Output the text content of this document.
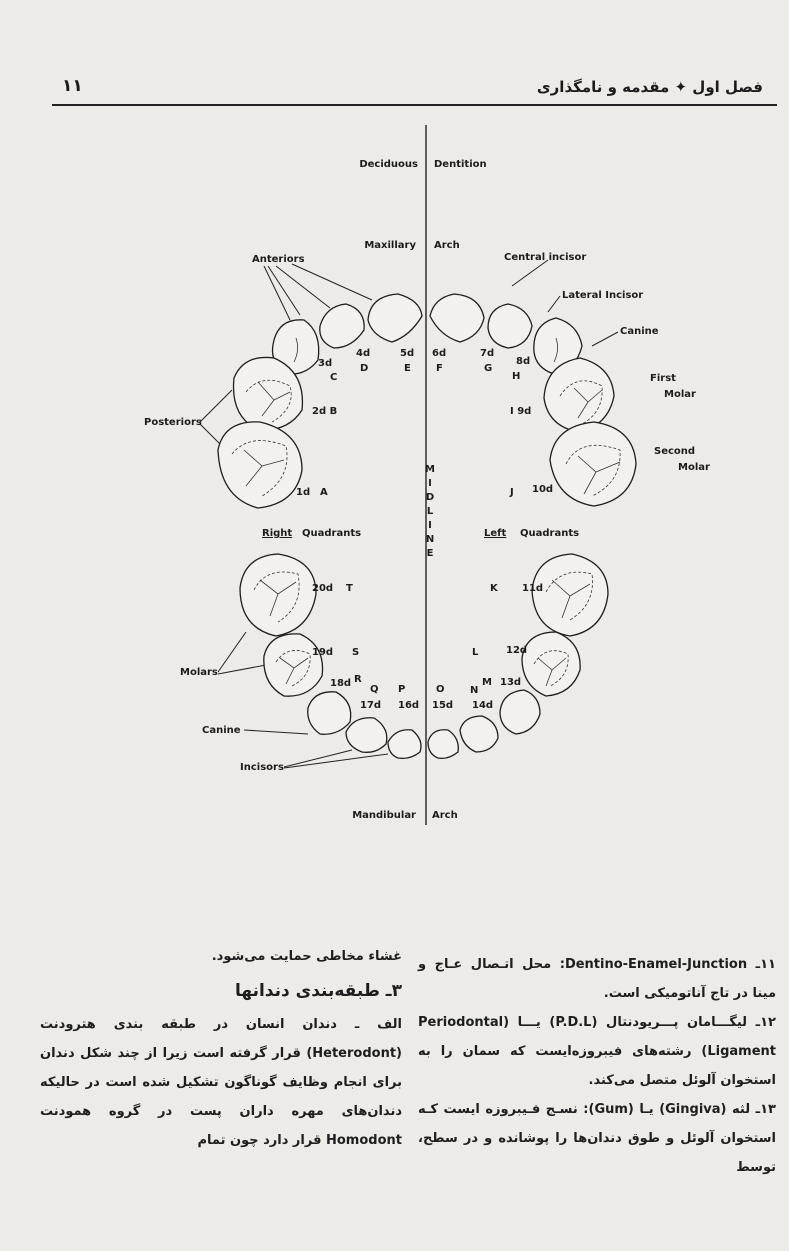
۱۱	فصل اول ✦ مقدمه و نامگذاری
Deciduous Dentition
Maxillary Arch
Mandibular Arch
M
I
D
L
I
N
E
Right Quadrants	Left Quadrants
Anteriors
Posteriors
Central incisor
Lateral Incisor
Canine
First
Molar
Second
Molar
Molars
Canine
Incisors
3d
C
4d
D
5d
E
2d B
1d A
6d
F
7d
G
8d
H
I 9d
J 10d
20d T
19d S
18d R
Q
17d
P
16d
K 11d
L	12d
N
M 13d
O
15d 14d

۱۱ـ Dentino-Enamel-Junction: محل اتـصال عـاج و مینا در تاج آناتومیکی است.

۱۲ـ لیگـــامان پـــریودنتال (P.D.L) یـــا (Periodontal Ligament) رشته‌های فیبروزه‌ایست که سمان را به استخوان آلوئل متصل می‌کند.

۱۳ـ لثه (Gingiva) یـا (Gum): نسـج فـیبروزه ایست کـه استخوان آلوئل و طوق دندان‌ها را پوشانده و در سطح، توسط

غشاء مخاطی حمایت می‌شود.

۳ـ طبقه‌بندی دندانها

الف ـ دندان انسان در طبقه بندی هترودنت (Heterodont) قرار گرفته است زیرا از چند شکل دندان برای انجام وظایف گوناگون تشکیل شده است در حالیکه دندان‌های مهره داران پست در گروه همودنت Homodont قرار دارد چون تمام
